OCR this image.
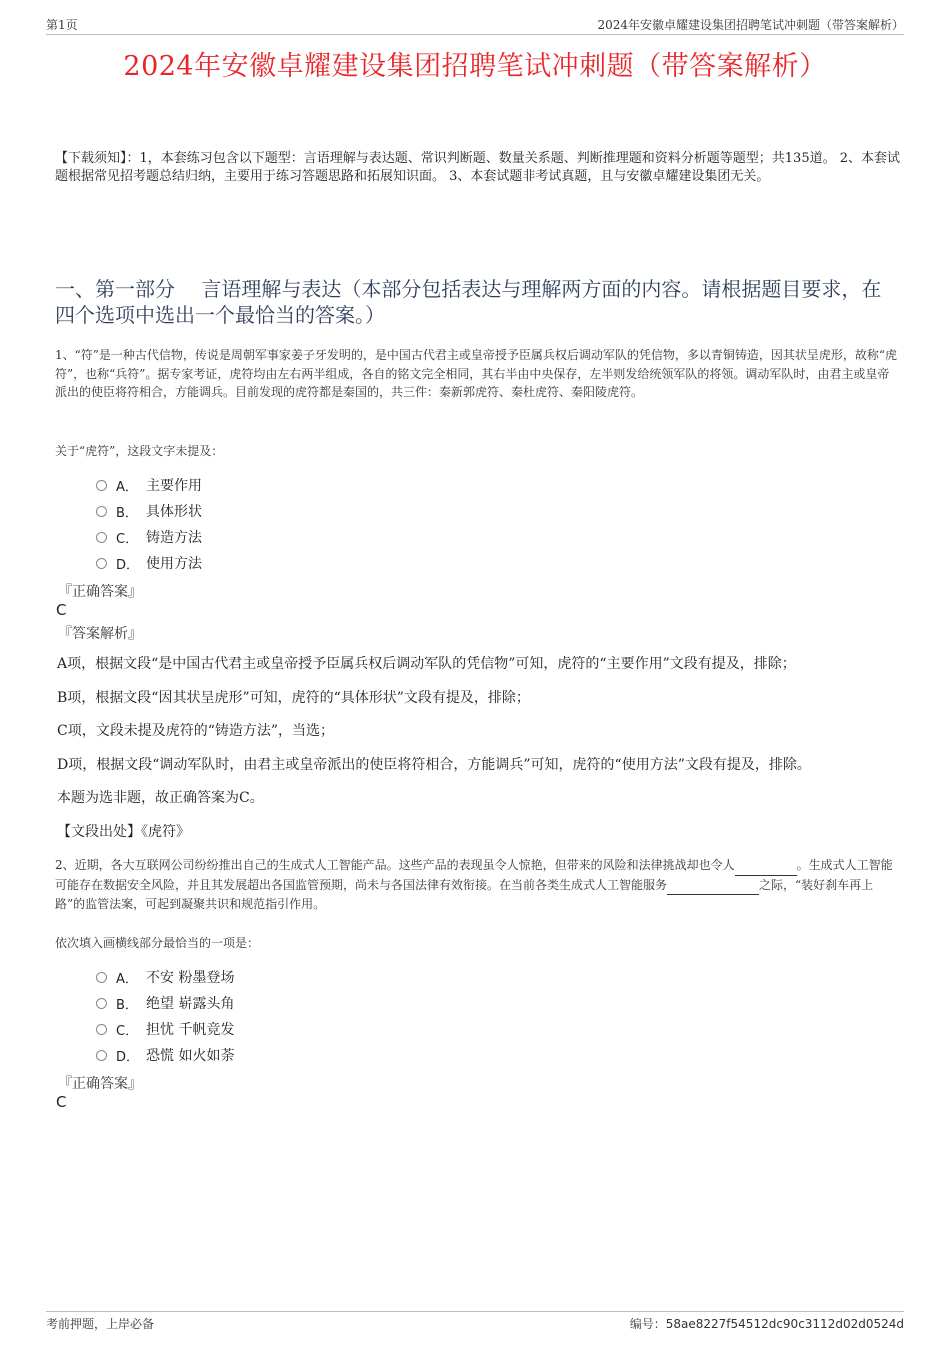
第1页	2024年安徽卓耀建设集团招聘笔试冲刺题（带答案解析）
2024年安徽卓耀建设集团招聘笔试冲刺题（带答案解析）
【下载须知】：1，本套练习包含以下题型：言语理解与表达题、常识判断题、数量关系题、判断推理题和资料分析题等题型；共135道。 2、本套试题根据常见招考题总结归纳，主要用于练习答题思路和拓展知识面。 3、本套试题非考试真题，且与安徽卓耀建设集团无关。
一、第一部分　 言语理解与表达（本部分包括表达与理解两方面的内容。请根据题目要求，在四个选项中选出一个最恰当的答案。）
1、“符”是一种古代信物，传说是周朝军事家姜子牙发明的，是中国古代君主或皇帝授予臣属兵权后调动军队的凭信物，多以青铜铸造，因其状呈虎形，故称“虎符”，也称“兵符”。据专家考证，虎符均由左右两半组成，各自的铭文完全相同，其右半由中央保存，左半则发给统领军队的将领。调动军队时，由君主或皇帝派出的使臣将符相合，方能调兵。目前发现的虎符都是秦国的，共三件：秦新郭虎符、秦杜虎符、秦阳陵虎符。
关于“虎符”，这段文字未提及：
A． 主要作用
B． 具体形状
C． 铸造方法
D． 使用方法
『正确答案』
C
『答案解析』
A项，根据文段“是中国古代君主或皇帝授予臣属兵权后调动军队的凭信物”可知，虎符的“主要作用”文段有提及，排除；
B项，根据文段“因其状呈虎形”可知，虎符的“具体形状”文段有提及，排除；
C项，文段未提及虎符的“铸造方法”，当选；
D项，根据文段“调动军队时，由君主或皇帝派出的使臣将符相合，方能调兵”可知，虎符的“使用方法”文段有提及，排除。
本题为选非题，故正确答案为C。
【文段出处】《虎符》
2、近期，各大互联网公司纷纷推出自己的生成式人工智能产品。这些产品的表现虽令人惊艳，但带来的风险和法律挑战却也令人	。生成式人工智能可能存在数据安全风险，并且其发展超出各国监管预期，尚未与各国法律有效衔接。在当前各类生成式人工智能服务	之际，“装好刹车再上路”的监管法案，可起到凝聚共识和规范指引作用。
依次填入画横线部分最恰当的一项是：
A． 不安 粉墨登场
B． 绝望 崭露头角
C． 担忧 千帆竞发
D． 恐慌 如火如荼
『正确答案』
C
考前押题，上岸必备	编号：58ae8227f54512dc90c3112d02d0524d
